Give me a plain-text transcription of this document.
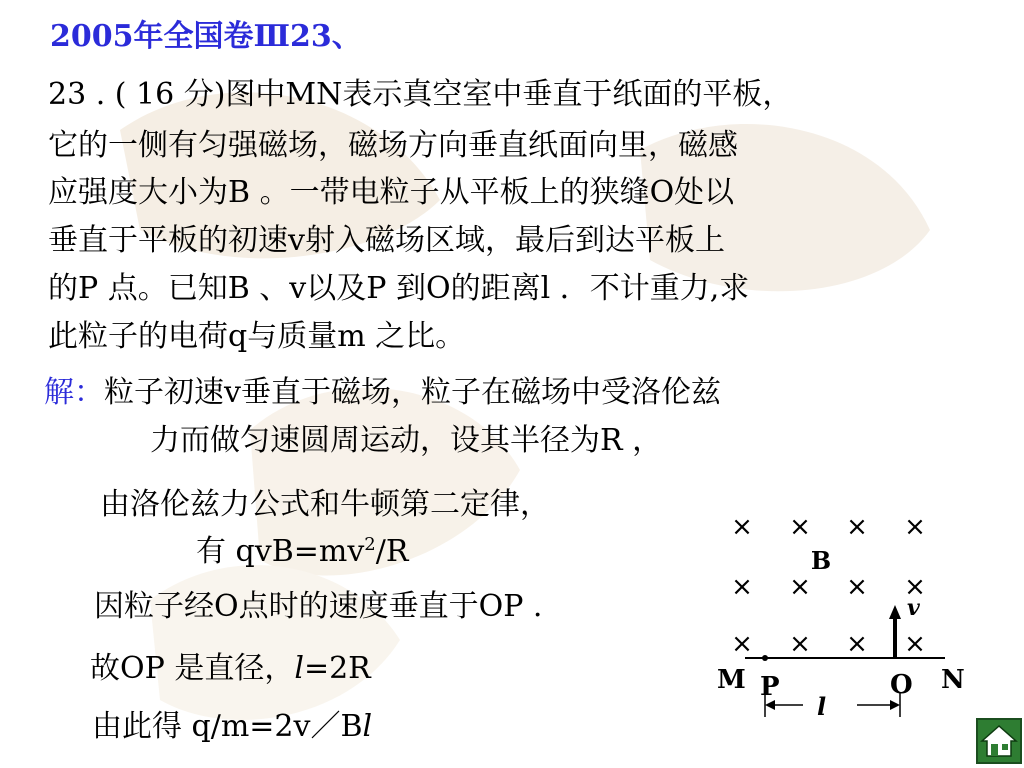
2005年全国卷Ⅲ23、
23 . ( 16 分)图中MN表示真空室中垂直于纸面的平板，
它的一侧有匀强磁场，磁场方向垂直纸面向里，磁感
应强度大小为B 。一带电粒子从平板上的狭缝O处以
垂直于平板的初速v射入磁场区域，最后到达平板上
的P 点。已知B 、v以及P 到O的距离l ．不计重力,求
此粒子的电荷q与质量m 之比。
解：粒子初速v垂直于磁场，粒子在磁场中受洛伦兹
力而做匀速圆周运动，设其半径为R ，
由洛伦兹力公式和牛顿第二定律，
有 $qvB=mv^2/R$
因粒子经O点时的速度垂直于OP .
故OP 是直径，l=2R
由此得 q/m=2v／Bl
× × × ×
× × × ×
× × × ×
B
v
M P	O N
l
